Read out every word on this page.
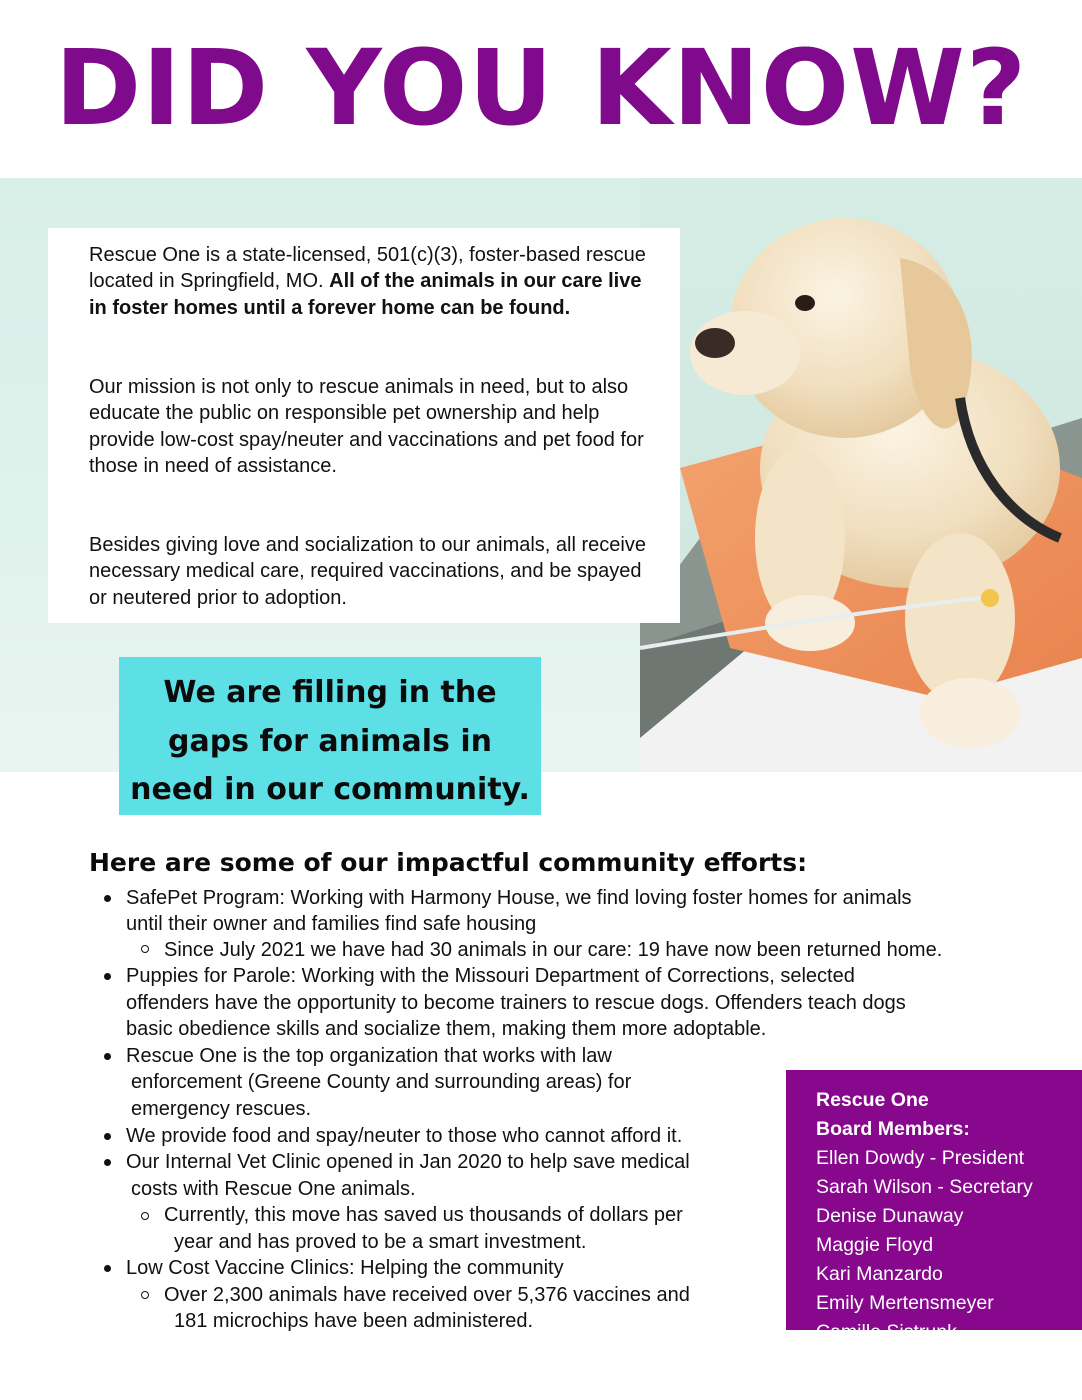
DID YOU KNOW?

Rescue One is a state-licensed, 501(c)(3), foster-based rescue located in Springfield, MO. All of the animals in our care live in foster homes until a forever home can be found.

Our mission is not only to rescue animals in need, but to also educate the public on responsible pet ownership and help provide low-cost spay/neuter and vaccinations and pet food for those in need of assistance.

Besides giving love and socialization to our animals, all receive necessary medical care, required vaccinations, and be spayed or neutered prior to adoption.

We are filling in the
gaps for animals in
need in our community.
Here are some of our impactful community efforts:
SafePet Program: Working with Harmony House, we find loving foster homes for animals
until their owner and families find safe housing
Since July 2021 we have had 30 animals in our care: 19 have now been returned home.
Puppies for Parole: Working with the Missouri Department of Corrections, selected
offenders have the opportunity to become trainers to rescue dogs. Offenders teach dogs
basic obedience skills and socialize them, making them more adoptable.
Rescue One is the top organization that works with law
enforcement (Greene County and surrounding areas) for
emergency rescues.
We provide food and spay/neuter to those who cannot afford it.
Our Internal Vet Clinic opened in Jan 2020 to help save medical
costs with Rescue One animals.
Currently, this move has saved us thousands of dollars per
year and has proved to be a smart investment.
Low Cost Vaccine Clinics: Helping the community
Over 2,300 animals have received over 5,376 vaccines and
181 microchips have been administered.
Rescue One
Board Members:
Ellen Dowdy - President
Sarah Wilson - Secretary
Denise Dunaway
Maggie Floyd
Kari Manzardo
Emily Mertensmeyer
Camille Sistrunk
